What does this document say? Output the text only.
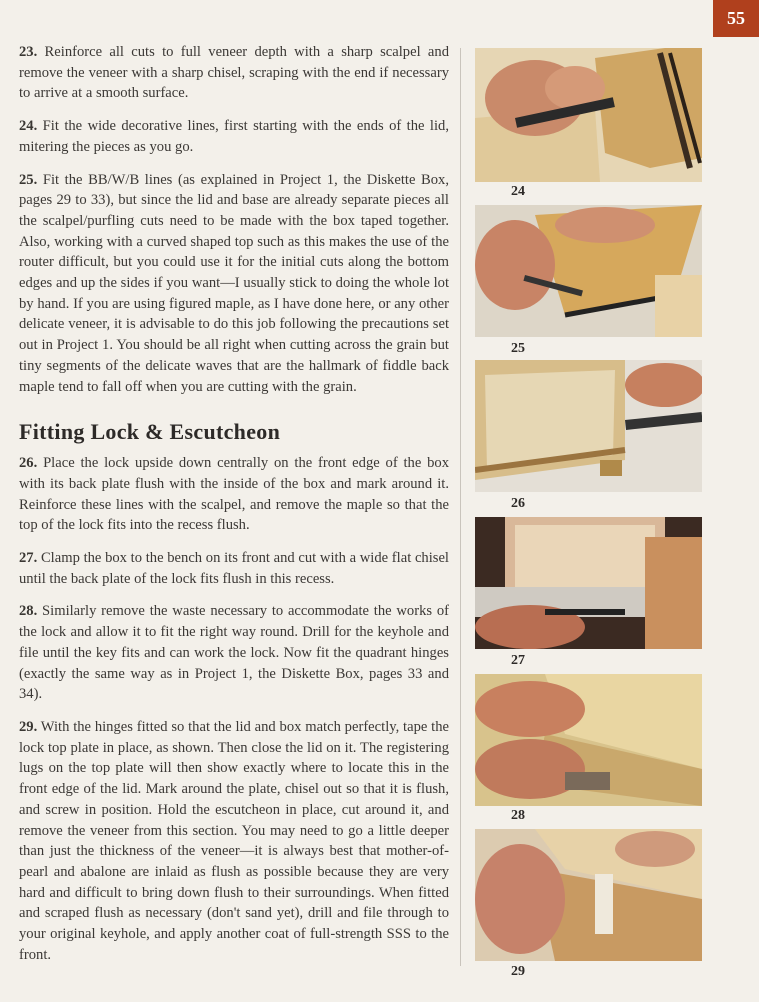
55

23. Reinforce all cuts to full veneer depth with a sharp scalpel and remove the veneer with a sharp chisel, scraping with the end if necessary to arrive at a smooth surface.

24. Fit the wide decorative lines, first starting with the ends of the lid, mitering the pieces as you go.

25. Fit the BB/W/B lines (as explained in Project 1, the Diskette Box, pages 29 to 33), but since the lid and base are already separate pieces all the scalpel/purfling cuts need to be made with the box taped together. Also, working with a curved shaped top such as this makes the use of the router difficult, but you could use it for the initial cuts along the bottom edges and up the sides if you want—I usually stick to doing the whole lot by hand. If you are using figured maple, as I have done here, or any other delicate veneer, it is advisable to do this job following the precautions set out in Project 1. You should be all right when cutting across the grain but tiny segments of the delicate waves that are the hallmark of fiddle back maple tend to fall off when you are cutting with the grain.

Fitting Lock & Escutcheon

26. Place the lock upside down centrally on the front edge of the box with its back plate flush with the inside of the box and mark around it. Reinforce these lines with the scalpel, and remove the maple so that the top of the lock fits into the recess flush.

27. Clamp the box to the bench on its front and cut with a wide flat chisel until the back plate of the lock fits flush in this recess.

28. Similarly remove the waste necessary to accommodate the works of the lock and allow it to fit the right way round. Drill for the keyhole and file until the key fits and can work the lock. Now fit the quadrant hinges (exactly the same way as in Project 1, the Diskette Box, pages 33 and 34).

29. With the hinges fitted so that the lid and box match perfectly, tape the lock top plate in place, as shown. Then close the lid on it. The registering lugs on the top plate will then show exactly where to locate this in the front edge of the lid. Mark around the plate, chisel out so that it is flush, and screw in position. Hold the escutcheon in place, cut around it, and remove the veneer from this section. You may need to go a little deeper than just the thickness of the veneer—it is always best that mother-of-pearl and abalone are inlaid as flush as possible because they are very hard and difficult to bring down flush to their surroundings. When fitted and scraped flush as necessary (don't sand yet), drill and file through to your original keyhole, and apply another coat of full-strength SSS to the front.

24
25
26
27
28
29
